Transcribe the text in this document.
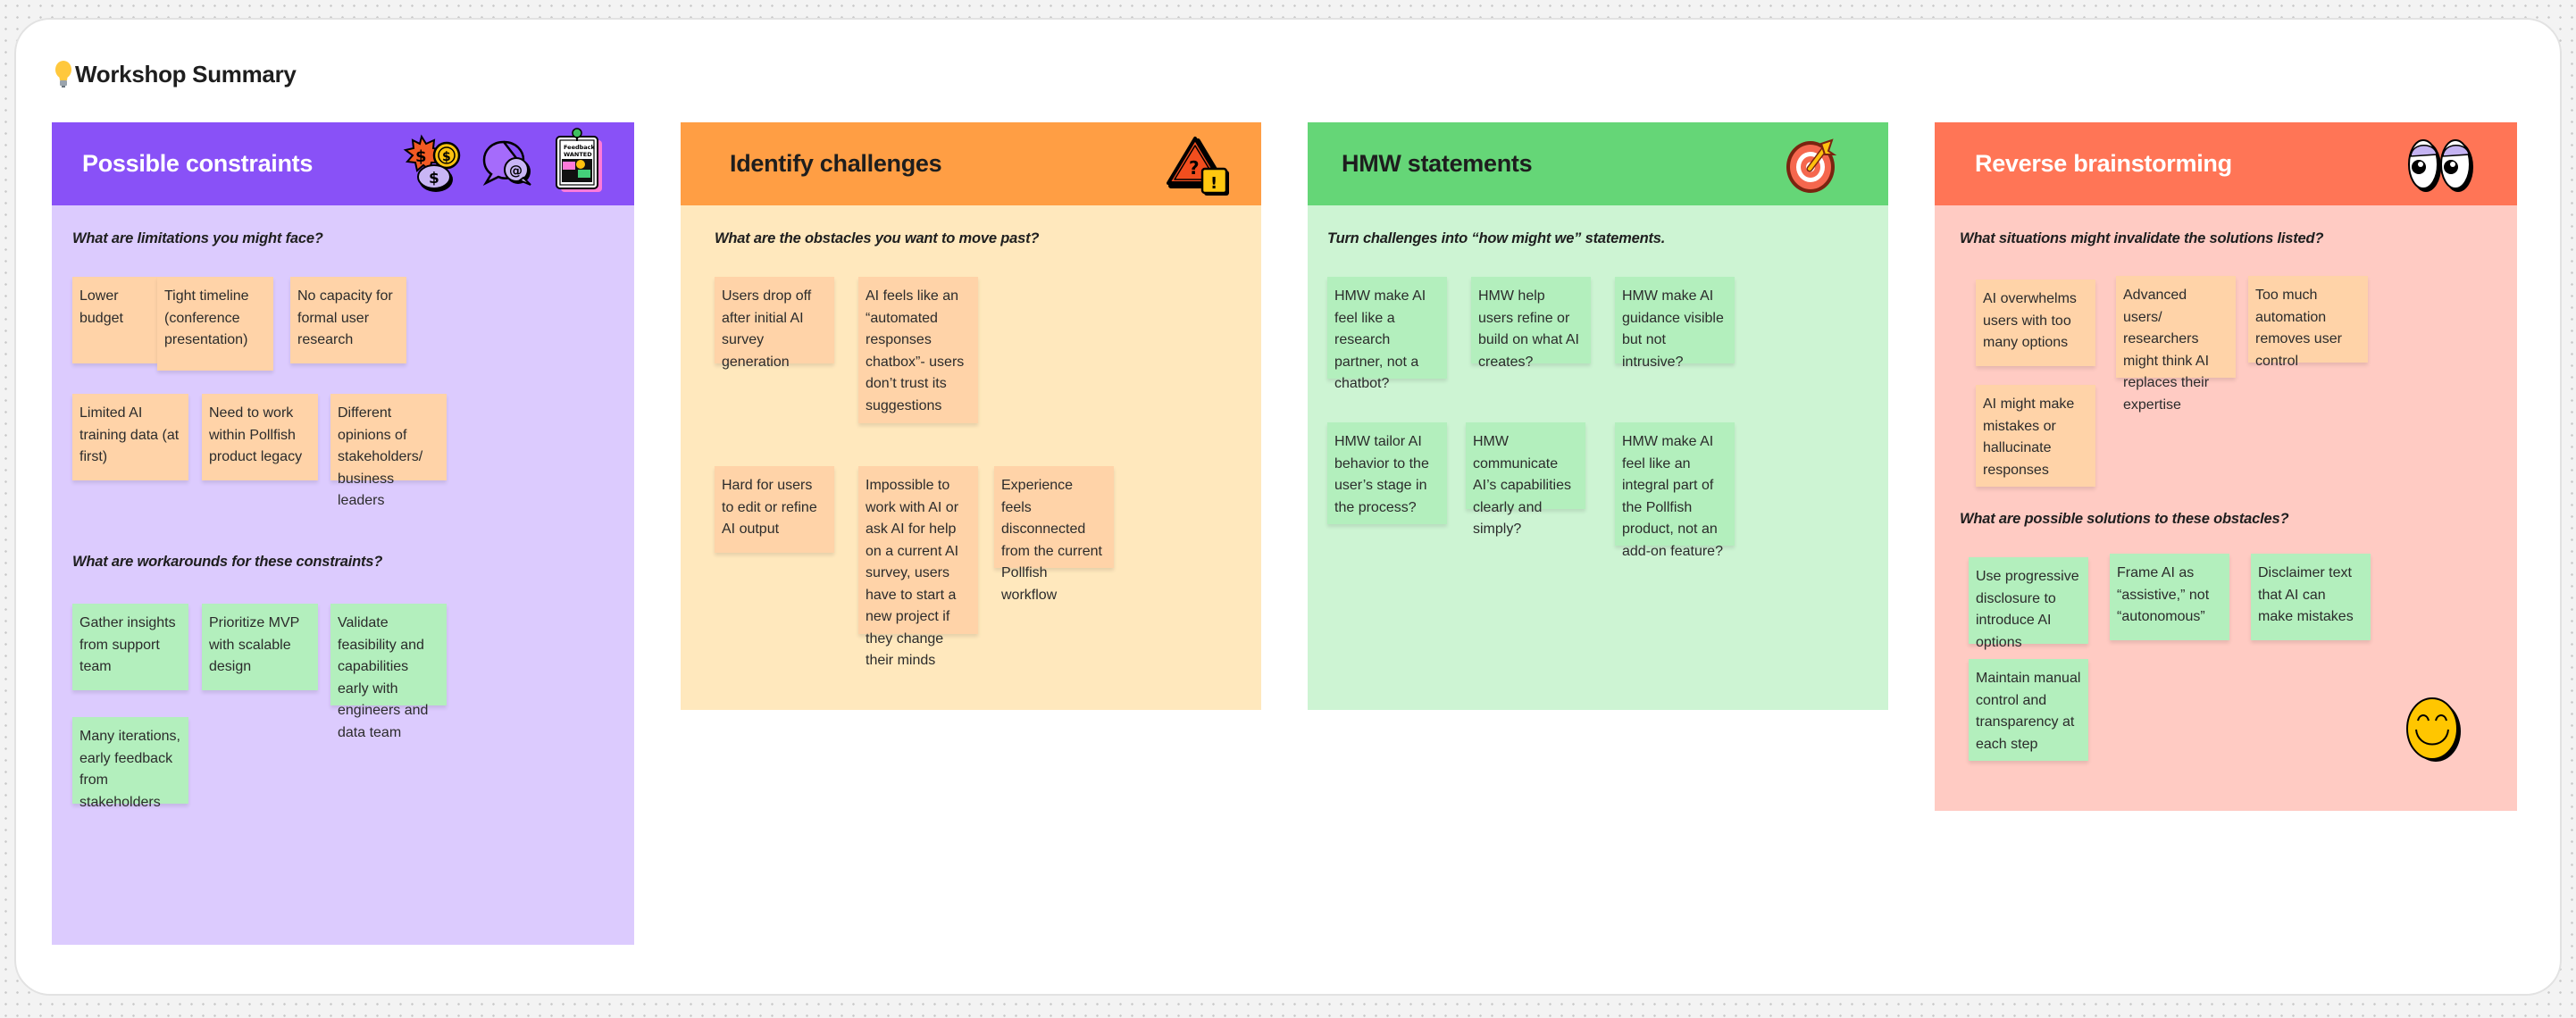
Workshop Summary
Possible constraints	$ $
$	@
Feedback
WANTED
What are limitations you might face?
Lower budget
Tight timeline (conference presentation)
No capacity for formal user research
Limited AI training data (at first)
Need to work within Pollfish product legacy
Different opinions of stakeholders/ business leaders
What are workarounds for these constraints?
Gather insights from support team
Prioritize MVP with scalable design
Validate feasibility and capabilities early with engineers and data team
Many iterations, early feedback from stakeholders
Identify challenges	?
!
What are the obstacles you want to move past?
Users drop off after initial AI survey generation
AI feels like an “automated responses chatbox”- users don’t trust its suggestions
Hard for users to edit or refine AI output
Impossible to work with AI or ask AI for help on a current AI survey, users have to start a new project if they change their minds
Experience feels disconnected from the current Pollfish workflow
HMW statements
Turn challenges into “how might we” statements.
HMW make AI feel like a research partner, not a chatbot?
HMW help users refine or build on what AI creates?
HMW make AI guidance visible but not intrusive?
HMW tailor AI behavior to the user’s stage in the process?
HMW communicate AI’s capabilities clearly and simply?
HMW make AI feel like an integral part of the Pollfish product, not an add-on feature?
Reverse brainstorming
What situations might invalidate the solutions listed?
AI overwhelms users with too many options
Advanced users/ researchers might think AI replaces their expertise
Too much automation removes user control
AI might make mistakes or hallucinate responses
What are possible solutions to these obstacles?
Use progressive disclosure to introduce AI options
Frame AI as “assistive,” not “autonomous”
Disclaimer text that AI can make mistakes
Maintain manual control and transparency at each step
